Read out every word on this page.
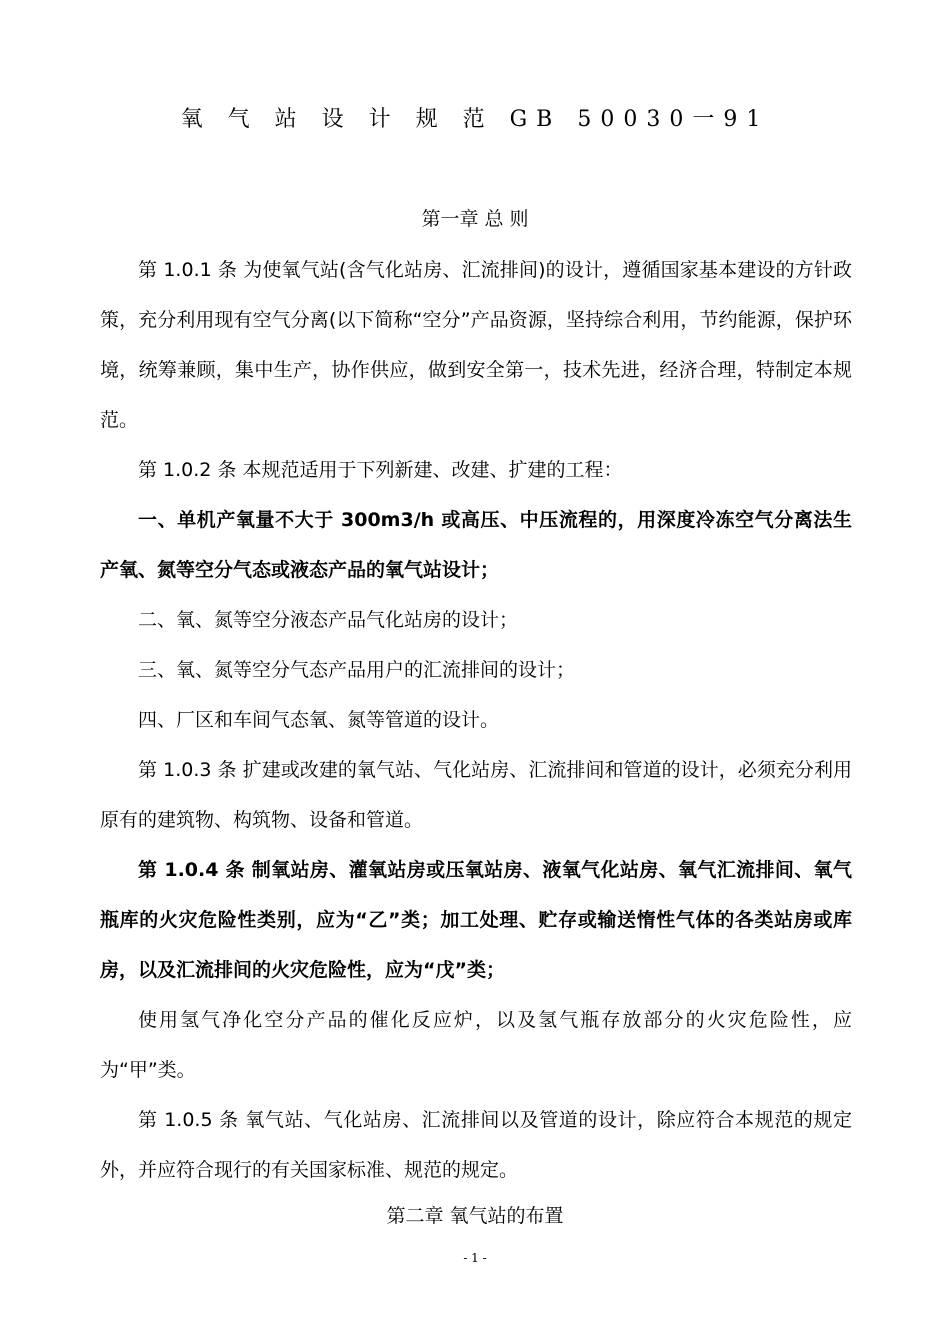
氧 气 站 设 计 规 范 GB 50030一91
第一章 总 则

第 1.0.1 条 为使氧气站(含气化站房、汇流排间)的设计，遵循国家基本建设的方针政策，充分利用现有空气分离(以下简称“空分”产品资源，坚持综合利用，节约能源，保护环境，统筹兼顾，集中生产，协作供应，做到安全第一，技术先进，经济合理，特制定本规范。

第 1.0.2 条 本规范适用于下列新建、改建、扩建的工程：

一、单机产氧量不大于 300m3/h 或高压、中压流程的，用深度冷冻空气分离法生产氧、氮等空分气态或液态产品的氧气站设计；

二、氧、氮等空分液态产品气化站房的设计；

三、氧、氮等空分气态产品用户的汇流排间的设计；

四、厂区和车间气态氧、氮等管道的设计。

第 1.0.3 条 扩建或改建的氧气站、气化站房、汇流排间和管道的设计，必须充分利用原有的建筑物、构筑物、设备和管道。

第 1.0.4 条 制氧站房、灌氧站房或压氧站房、液氧气化站房、氧气汇流排间、氧气瓶库的火灾危险性类别，应为“乙”类；加工处理、贮存或输送惰性气体的各类站房或库房，以及汇流排间的火灾危险性，应为“戊”类；

使用氢气净化空分产品的催化反应炉，以及氢气瓶存放部分的火灾危险性，应为“甲”类。

第 1.0.5 条 氧气站、气化站房、汇流排间以及管道的设计，除应符合本规范的规定外，并应符合现行的有关国家标准、规范的规定。

第二章 氧气站的布置
- 1 -
